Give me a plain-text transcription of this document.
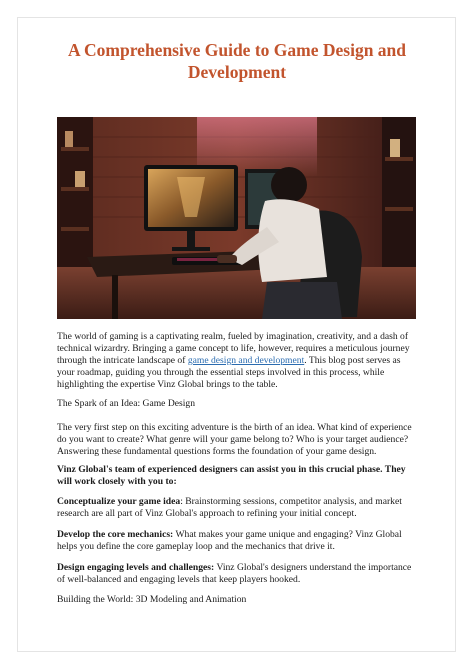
A Comprehensive Guide to Game Design and
Development

The world of gaming is a captivating realm, fueled by imagination, creativity, and a dash of technical wizardry. Bringing a game concept to life, however, requires a meticulous journey through the intricate landscape of game design and development. This blog post serves as your roadmap, guiding you through the essential steps involved in this process, while highlighting the expertise Vinz Global brings to the table.

The Spark of an Idea: Game Design

The very first step on this exciting adventure is the birth of an idea. What kind of experience do you want to create? What genre will your game belong to? Who is your target audience? Answering these fundamental questions forms the foundation of your game design.

Vinz Global's team of experienced designers can assist you in this crucial phase. They will work closely with you to:

Conceptualize your game idea: Brainstorming sessions, competitor analysis, and market research are all part of Vinz Global's approach to refining your initial concept.

Develop the core mechanics: What makes your game unique and engaging? Vinz Global helps you define the core gameplay loop and the mechanics that drive it.

Design engaging levels and challenges: Vinz Global's designers understand the importance of well-balanced and engaging levels that keep players hooked.

Building the World: 3D Modeling and Animation
